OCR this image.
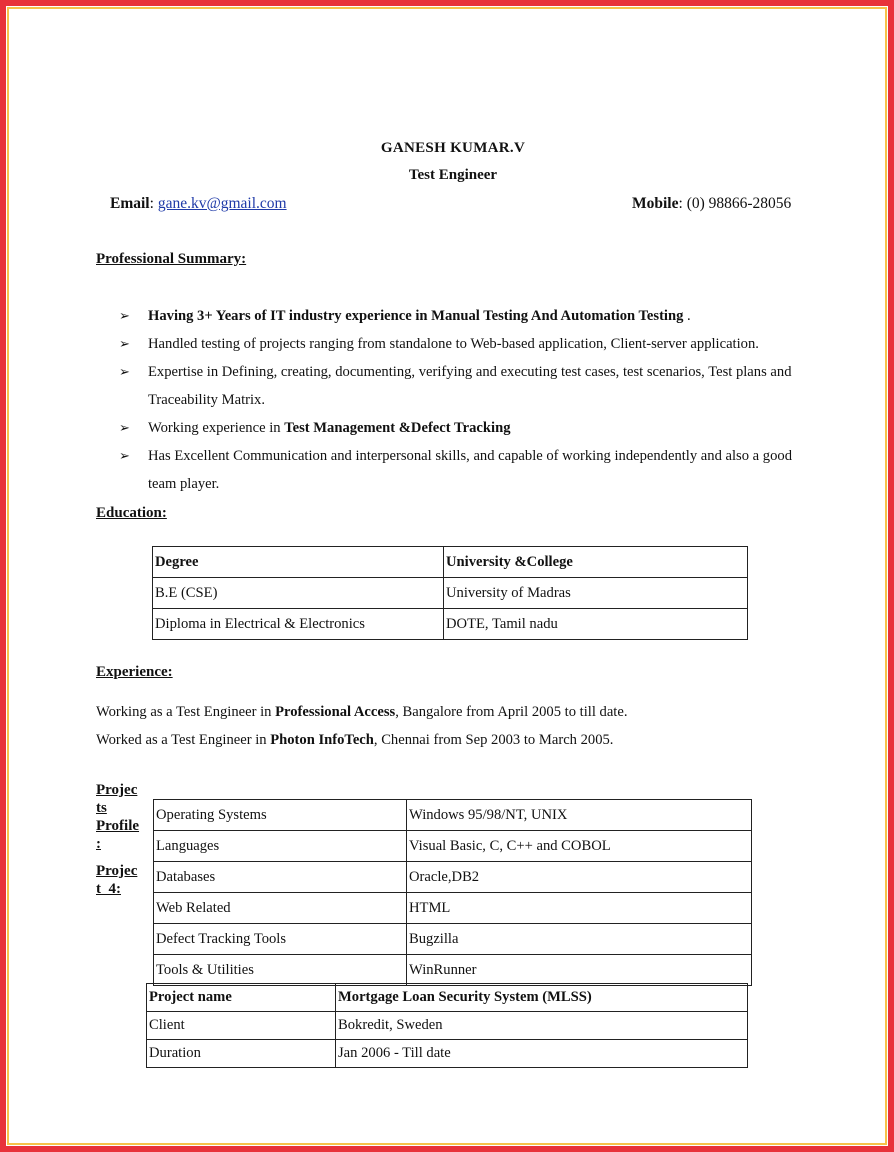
GANESH KUMAR.V
Test Engineer
Email: gane.kv@gmail.com	Mobile: (0) 98866-28056
Professional Summary:
➢ Having 3+ Years of IT industry experience in Manual Testing And Automation Testing .
➢ Handled testing of projects ranging from standalone to Web-based application, Client-server application.
➢ Expertise in Defining, creating, documenting, verifying and executing test cases, test scenarios, Test plans and Traceability Matrix.
➢ Working experience in Test Management &Defect Tracking
➢ Has Excellent Communication and interpersonal skills, and capable of working independently and also a good team player.
Education:
Degree	University &College
B.E (CSE)	University of Madras
Diploma in Electrical & Electronics	DOTE, Tamil nadu
Experience:
Working as a Test Engineer in Professional Access, Bangalore from April 2005 to till date.
Worked as a Test Engineer in Photon InfoTech, Chennai from Sep 2003 to March 2005.
Projec
ts
Profile
:
Projec
t  4:
Operating Systems	Windows 95/98/NT, UNIX
Languages	Visual Basic, C, C++ and COBOL
Databases	Oracle,DB2
Web Related	HTML
Defect Tracking Tools	Bugzilla
Tools & Utilities	WinRunner
Project name	Mortgage Loan Security System (MLSS)
Client	Bokredit, Sweden
Duration	Jan 2006 - Till date
